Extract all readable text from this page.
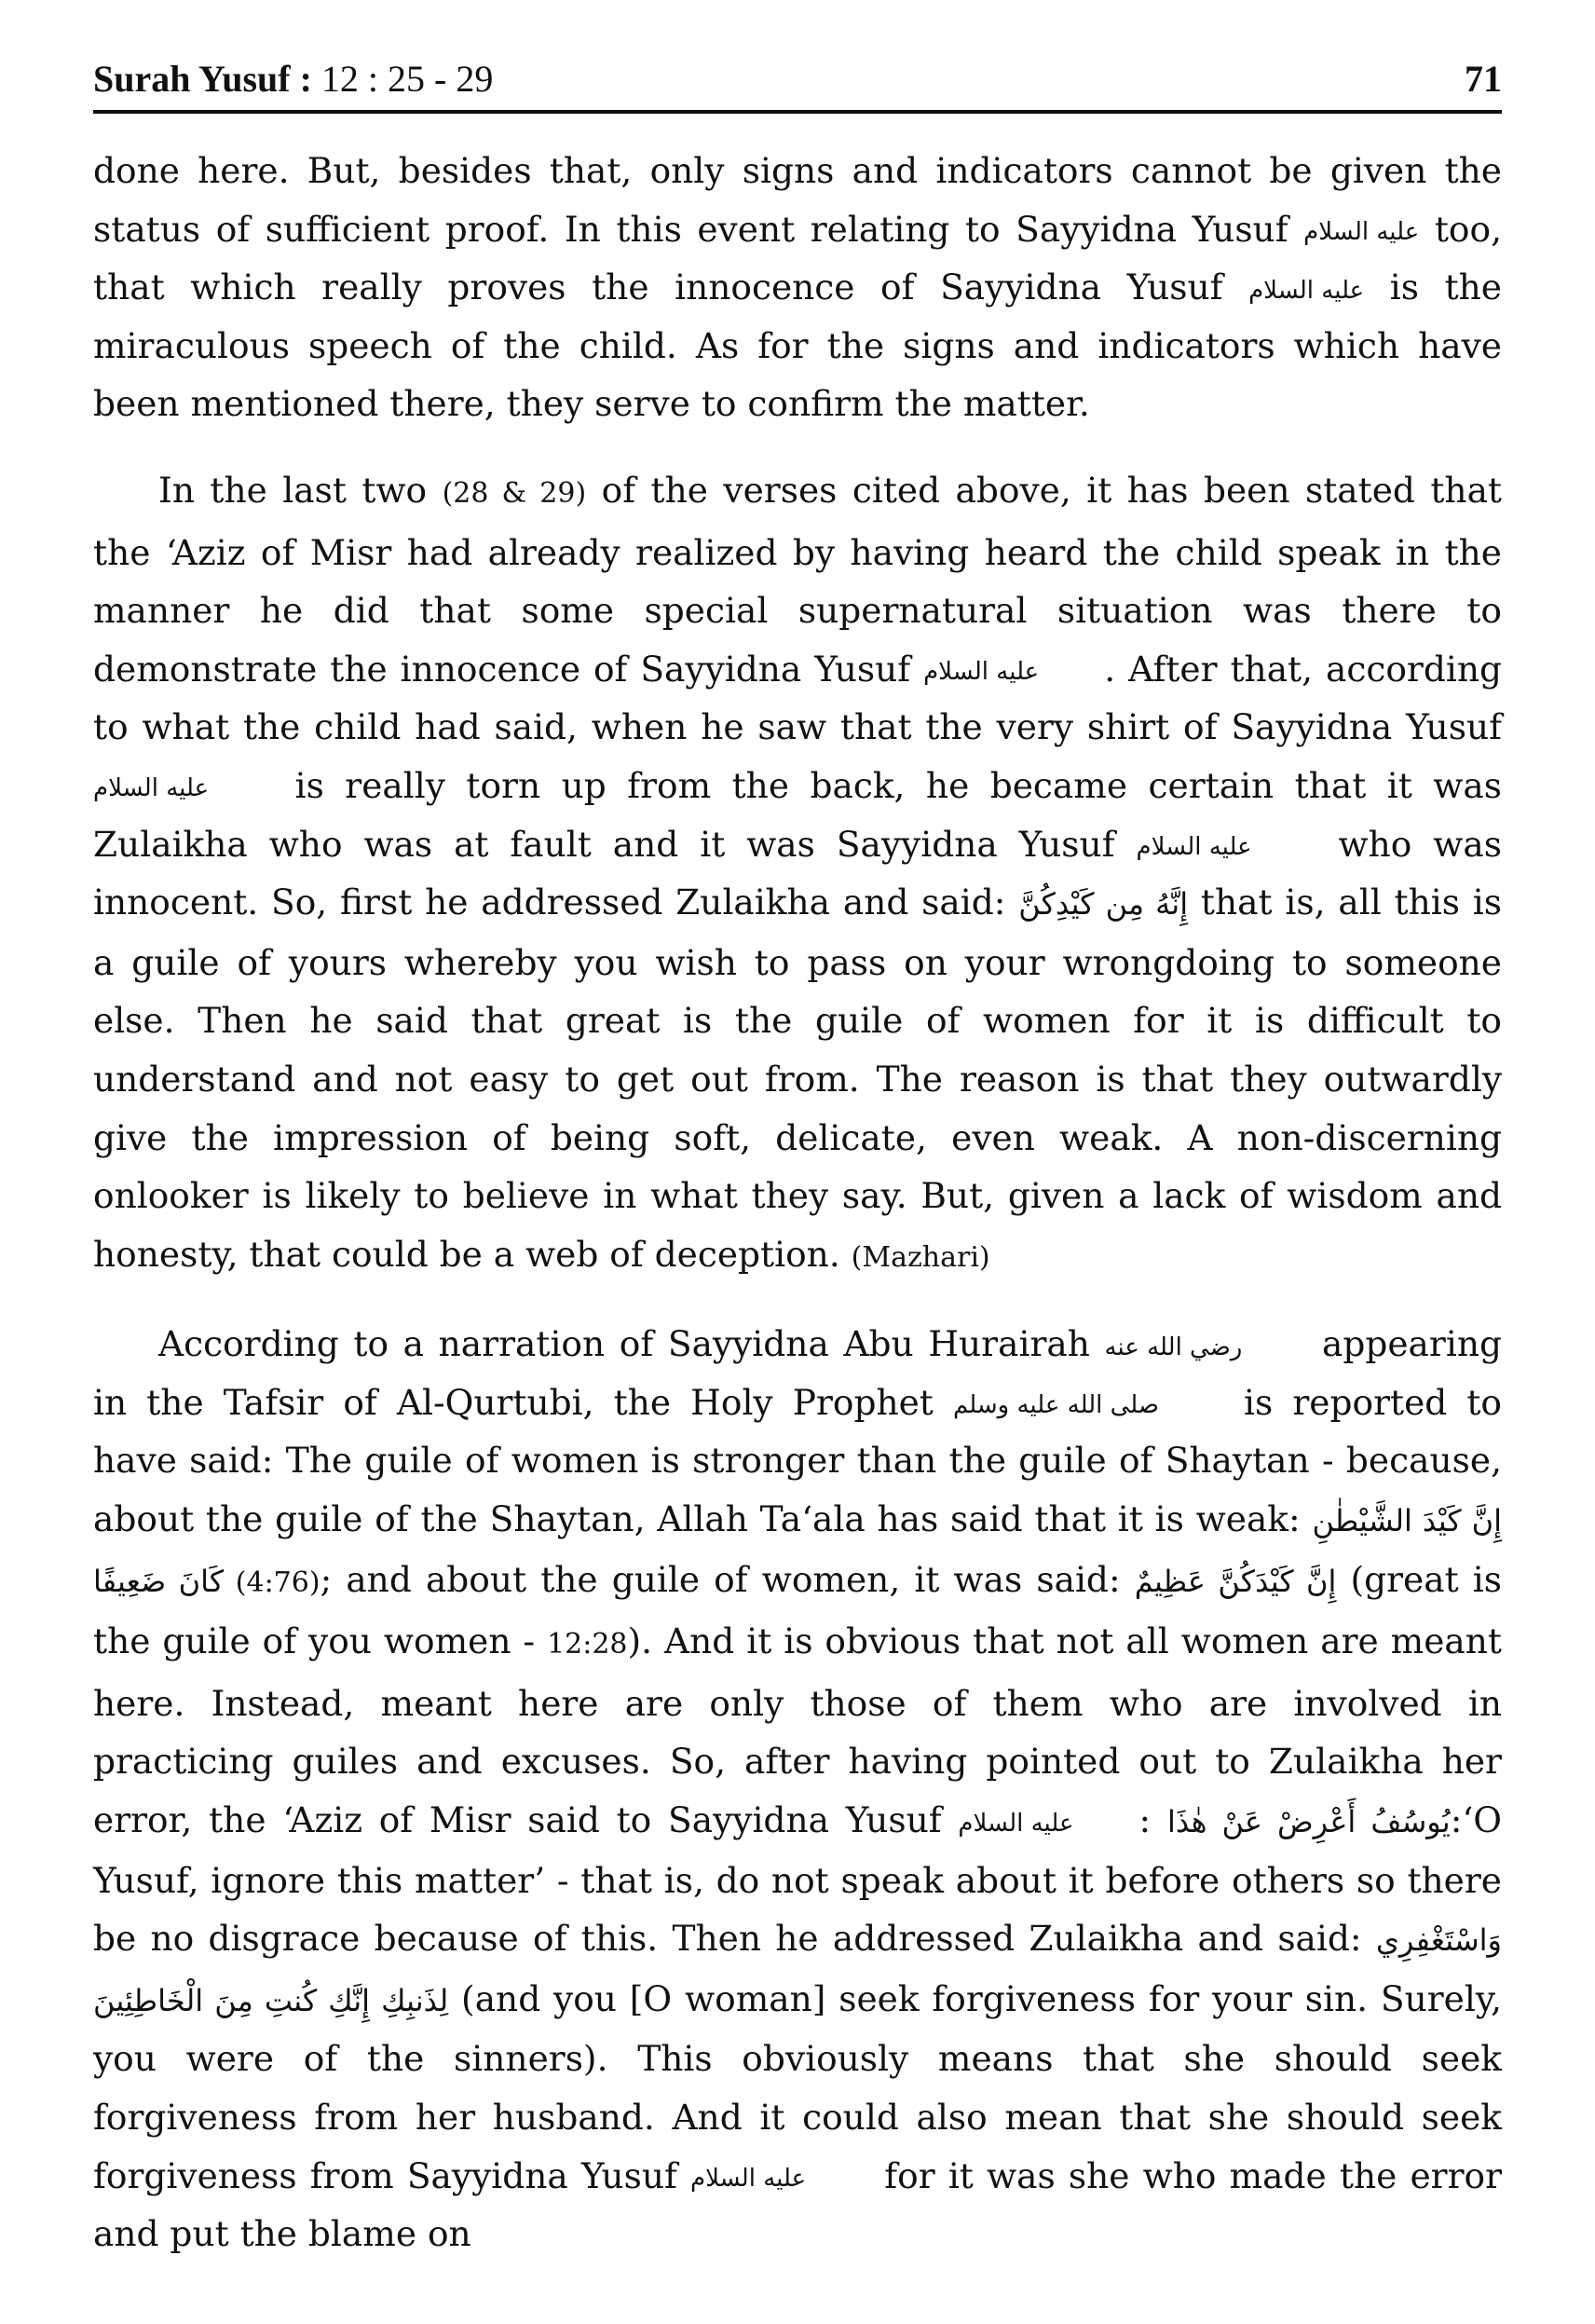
Surah Yusuf : 12 : 25 - 29	71

done here. But, besides that, only signs and indicators cannot be given the status of sufficient proof. In this event relating to Sayyidna Yusuf عليه السلام too, that which really proves the innocence of Sayyidna Yusuf عليه السلام is the miraculous speech of the child. As for the signs and indicators which have been mentioned there, they serve to confirm the matter.

In the last two (28 & 29) of the verses cited above, it has been stated that the ‘Aziz of Misr had already realized by having heard the child speak in the manner he did that some special supernatural situation was there to demonstrate the innocence of Sayyidna Yusuf عليه السلام . After that, according to what the child had said, when he saw that the very shirt of Sayyidna Yusuf عليه السلام is really torn up from the back, he became certain that it was Zulaikha who was at fault and it was Sayyidna Yusuf عليه السلام who was innocent. So, first he addressed Zulaikha and said: إِنَّهُ مِن كَيْدِكُنَّ that is, all this is a guile of yours whereby you wish to pass on your wrongdoing to someone else. Then he said that great is the guile of women for it is difficult to understand and not easy to get out from. The reason is that they outwardly give the impression of being soft, delicate, even weak. A non-discerning onlooker is likely to believe in what they say. But, given a lack of wisdom and honesty, that could be a web of deception. (Mazhari)

According to a narration of Sayyidna Abu Hurairah رضي الله عنه appearing in the Tafsir of Al-Qurtubi, the Holy Prophet صلى الله عليه وسلم is reported to have said: The guile of women is stronger than the guile of Shaytan - because, about the guile of the Shaytan, Allah Ta‘ala has said that it is weak: إِنَّ كَيْدَ الشَّيْطٰنِ كَانَ ضَعِيفًا (4:76); and about the guile of women, it was said: إِنَّ كَيْدَكُنَّ عَظِيمٌ (great is the guile of you women - 12:28). And it is obvious that not all women are meant here. Instead, meant here are only those of them who are involved in practicing guiles and excuses. So, after having pointed out to Zulaikha her error, the ‘Aziz of Misr said to Sayyidna Yusuf عليه السلام : يُوسُفُ أَعْرِضْ عَنْ هٰذَا:‘O Yusuf, ignore this matter’ - that is, do not speak about it before others so there be no disgrace because of this. Then he addressed Zulaikha and said: وَاسْتَغْفِرِي لِذَنبِكِ إِنَّكِ كُنتِ مِنَ الْخَاطِئِينَ (and you [O woman] seek forgiveness for your sin. Surely, you were of the sinners). This obviously means that she should seek forgiveness from her husband. And it could also mean that she should seek forgiveness from Sayyidna Yusuf عليه السلام for it was she who made the error and put the blame on
